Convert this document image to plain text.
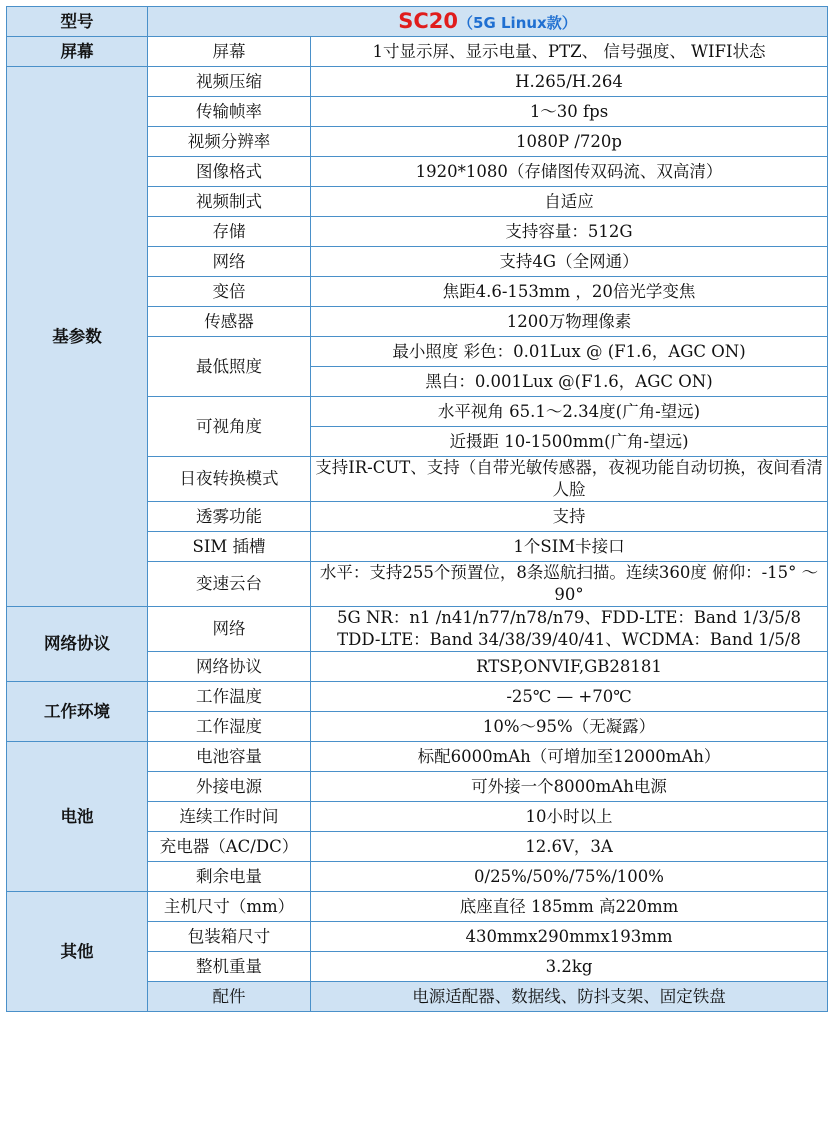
型号	SC20（5G Linux款）	
屏幕	屏幕	1寸显示屏、显示电量、PTZ、 信号强度、 WIFI状态
基参数	视频压缩	H.265/H.264
	传输帧率	1～30 fps
	视频分辨率	1080P /720p
	图像格式	1920*1080（存储图传双码流、双高清）
	视频制式	自适应
	存储	支持容量：512G
	网络	支持4G（全网通）
	变倍	焦距4.6-153mm ，20倍光学变焦
	传感器	1200万物理像素
	最低照度	最小照度 彩色：0.01Lux @ (F1.6，AGC ON)
		黑白：0.001Lux @(F1.6，AGC ON)
	可视角度	水平视角 65.1～2.34度(广角-望远)
		近摄距 10-1500mm(广角-望远)
	日夜转换模式	支持IR-CUT、支持（自带光敏传感器，夜视功能自动切换，夜间看清人脸
	透雾功能	支持
	SIM 插槽	1个SIM卡接口
	变速云台	水平：支持255个预置位，8条巡航扫描。连续360度 俯仰：-15° ～90°
网络协议	网络	5G NR：n1 /n41/n77/n78/n79、FDD-LTE：Band 1/3/5/8 TDD-LTE：Band 34/38/39/40/41、WCDMA：Band 1/5/8
	网络协议	RTSP,ONVIF,GB28181
工作环境	工作温度	-25℃ — +70℃
	工作湿度	10%～95%（无凝露）
电池	电池容量	标配6000mAh（可增加至12000mAh）
	外接电源	可外接一个8000mAh电源
	连续工作时间	10小时以上
	充电器（AC/DC）	12.6V，3A
	剩余电量	0/25%/50%/75%/100%
其他	主机尺寸（mm）	底座直径 185mm 高220mm
	包装箱尺寸	430mmx290mmx193mm
	整机重量	3.2kg
	配件	电源适配器、数据线、防抖支架、固定铁盘
